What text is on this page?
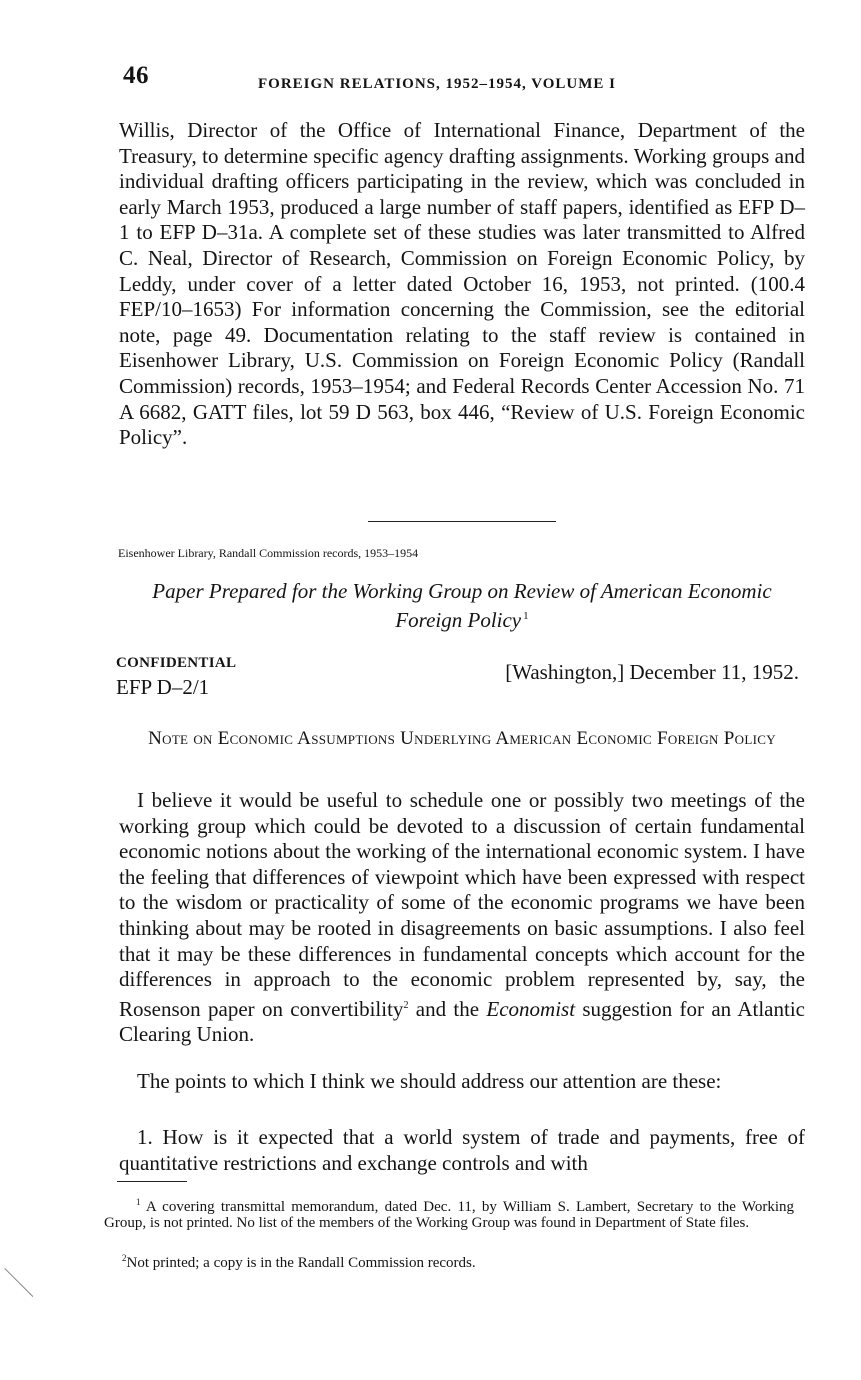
46	FOREIGN RELATIONS, 1952–1954, VOLUME I

Willis, Director of the Office of International Finance, Department of the Treasury, to determine specific agency drafting assignments. Working groups and individual drafting officers participating in the review, which was concluded in early March 1953, produced a large number of staff papers, identified as EFP D–1 to EFP D–31a. A complete set of these studies was later transmitted to Alfred C. Neal, Director of Research, Commission on Foreign Economic Policy, by Leddy, under cover of a letter dated October 16, 1953, not printed. (100.4 FEP/10–1653) For information concerning the Commission, see the editorial note, page 49. Documentation relating to the staff review is contained in Eisenhower Library, U.S. Commission on Foreign Economic Policy (Randall Commission) records, 1953–1954; and Federal Records Center Accession No. 71 A 6682, GATT files, lot 59 D 563, box 446, “Review of U.S. Foreign Economic Policy”.

Eisenhower Library, Randall Commission records, 1953–1954

Paper Prepared for the Working Group on Review of American Economic Foreign Policy $^1$

CONFIDENTIAL
EFP D–2/1
[Washington,] December 11, 1952.

Note on Economic Assumptions Underlying American Economic Foreign Policy

I believe it would be useful to schedule one or possibly two meetings of the working group which could be devoted to a discussion of certain fundamental economic notions about the working of the international economic system. I have the feeling that differences of viewpoint which have been expressed with respect to the wisdom or practicality of some of the economic programs we have been thinking about may be rooted in disagreements on basic assumptions. I also feel that it may be these differences in fundamental concepts which account for the differences in approach to the economic problem represented by, say, the Rosenson paper on convertibility$^2$ and the Economist suggestion for an Atlantic Clearing Union.

The points to which I think we should address our attention are these:

1. How is it expected that a world system of trade and payments, free of quantitative restrictions and exchange controls and with

$^1$ A covering transmittal memorandum, dated Dec. 11, by William S. Lambert, Secretary to the Working Group, is not printed. No list of the members of the Working Group was found in Department of State files.

$^2$Not printed; a copy is in the Randall Commission records.
